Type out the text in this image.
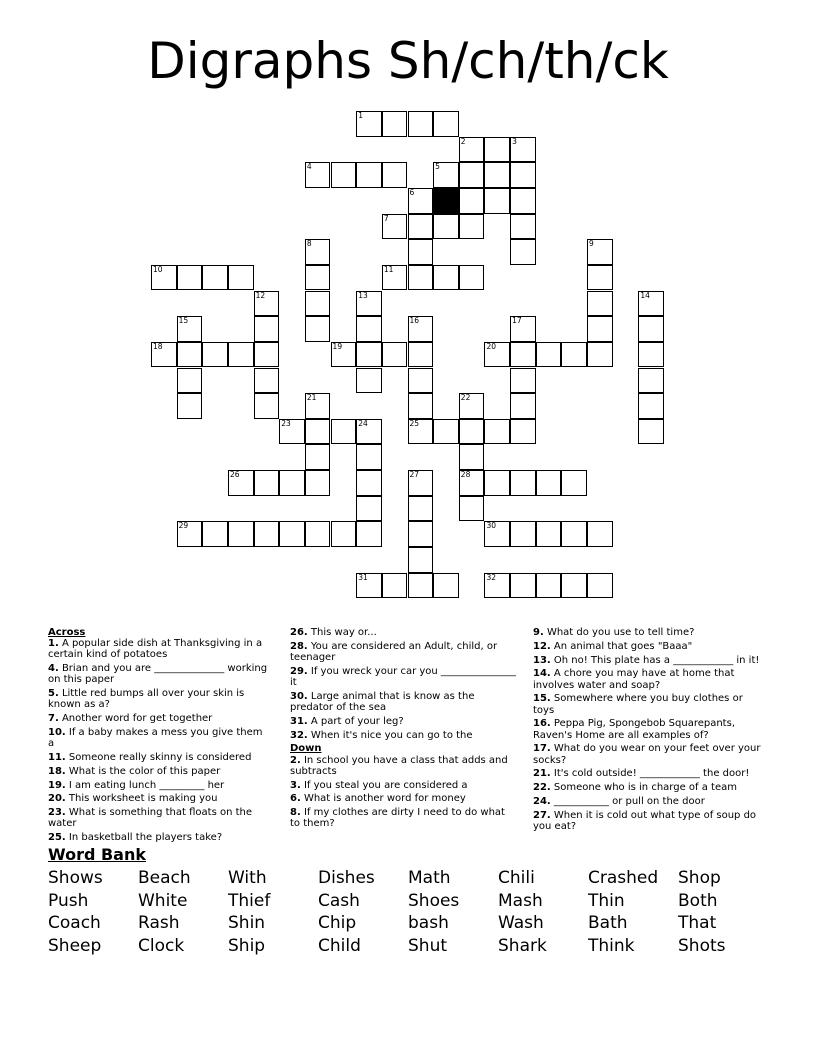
Digraphs Sh/ch/th/ck
1
2	3
4	5
6
7
8	9
10	11
12	13	14
15	16	17
18	19	20
21	22
23	24	25
26	27	28
29	30
31	32
Across
1. A popular side dish at Thanksgiving in a certain kind of potatoes
4. Brian and you are ______________ working on this paper
5. Little red bumps all over your skin is known as a?
7. Another word for get together
10. If a baby makes a mess you give them a
11. Someone really skinny is considered
18. What is the color of this paper
19. I am eating lunch _________ her
20. This worksheet is making you
23. What is something that floats on the water
25. In basketball the players take?
26. This way or...
28. You are considered an Adult, child, or teenager
29. If you wreck your car you _______________ it
30. Large animal that is know as the predator of the sea
31. A part of your leg?
32. When it's nice you can go to the
Down
2. In school you have a class that adds and subtracts
3. If you steal you are considered a
6. What is another word for money
8. If my clothes are dirty I need to do what to them?
9. What do you use to tell time?
12. An animal that goes "Baaa"
13. Oh no! This plate has a ____________ in it!
14. A chore you may have at home that involves water and soap?
15. Somewhere where you buy clothes or toys
16. Peppa Pig, Spongebob Squarepants, Raven's Home are all examples of?
17. What do you wear on your feet over your socks?
21. It's cold outside! ____________ the door!
22. Someone who is in charge of a team
24. ___________ or pull on the door
27. When it is cold out what type of soup do you eat?
Word Bank
Shows Beach With	Dishes Math	Chili	Crashed Shop
Push	White Thief	Cash	Shoes Mash	Thin	Both
Coach Rash	Shin	Chip	bash	Wash	Bath	That
Sheep Clock	Ship	Child	Shut	Shark Think	Shots
